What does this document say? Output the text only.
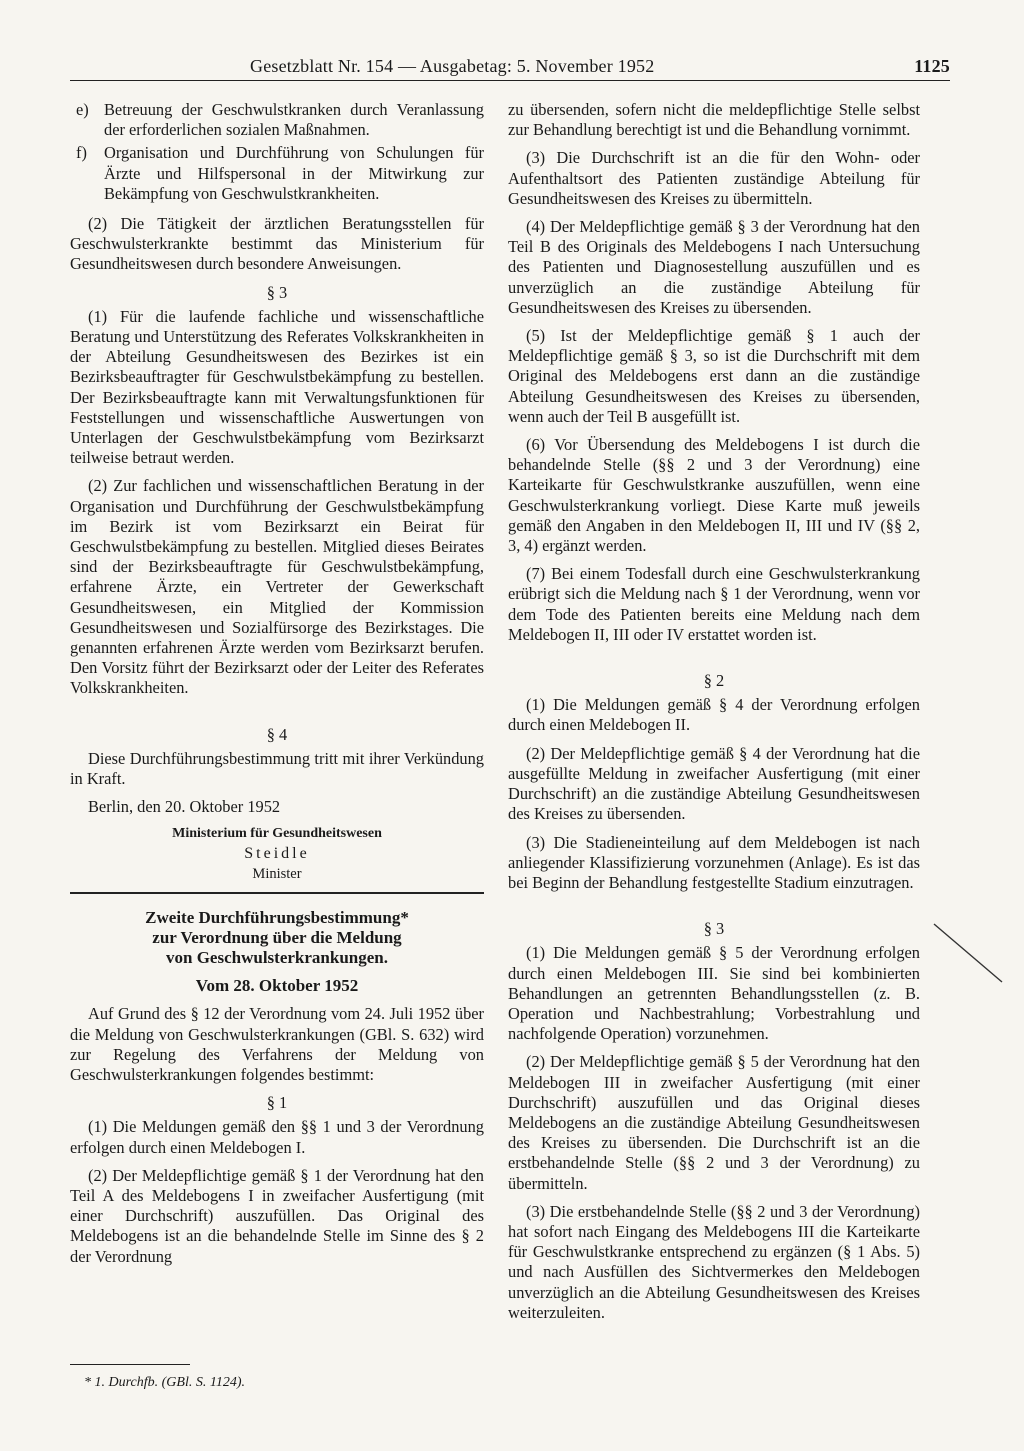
Gesetzblatt Nr. 154 — Ausgabetag: 5. November 1952	1125
e) Betreuung der Geschwulstkranken durch Veranlassung der erforderlichen sozialen Maßnahmen.
f)	Organisation und Durchführung von Schulungen für Ärzte und Hilfspersonal in der Mitwirkung zur Bekämpfung von Geschwulstkrankheiten.

(2) Die Tätigkeit der ärztlichen Beratungsstellen für Geschwulsterkrankte bestimmt das Ministerium für Gesundheitswesen durch besondere Anweisungen.

§ 3

(1) Für die laufende fachliche und wissenschaftliche Beratung und Unterstützung des Referates Volkskrankheiten in der Abteilung Gesundheitswesen des Bezirkes ist ein Bezirksbeauftragter für Geschwulstbekämpfung zu bestellen. Der Bezirksbeauftragte kann mit Verwaltungsfunktionen für Feststellungen und wissenschaftliche Auswertungen von Unterlagen der Geschwulstbekämpfung vom Bezirksarzt teilweise betraut werden.

(2) Zur fachlichen und wissenschaftlichen Beratung in der Organisation und Durchführung der Geschwulstbekämpfung im Bezirk ist vom Bezirksarzt ein Beirat für Geschwulstbekämpfung zu bestellen. Mitglied dieses Beirates sind der Bezirksbeauftragte für Geschwulstbekämpfung, erfahrene Ärzte, ein Vertreter der Gewerkschaft Gesundheitswesen, ein Mitglied der Kommission Gesundheitswesen und Sozialfürsorge des Bezirkstages. Die genannten erfahrenen Ärzte werden vom Bezirksarzt berufen. Den Vorsitz führt der Bezirksarzt oder der Leiter des Referates Volkskrankheiten.

§ 4

Diese Durchführungsbestimmung tritt mit ihrer Verkündung in Kraft.

Berlin, den 20. Oktober 1952

Ministerium für Gesundheitswesen
Steidle
Minister
Zweite Durchführungsbestimmung*
zur Verordnung über die Meldung
von Geschwulsterkrankungen.
Vom 28. Oktober 1952

Auf Grund des § 12 der Verordnung vom 24. Juli 1952 über die Meldung von Geschwulsterkrankungen (GBl. S. 632) wird zur Regelung des Verfahrens der Meldung von Geschwulsterkrankungen folgendes bestimmt:

§ 1

(1) Die Meldungen gemäß den §§ 1 und 3 der Verordnung erfolgen durch einen Meldebogen I.

(2) Der Meldepflichtige gemäß § 1 der Verordnung hat den Teil A des Meldebogens I in zweifacher Ausfertigung (mit einer Durchschrift) auszufüllen. Das Original des Meldebogens ist an die behandelnde Stelle im Sinne des § 2 der Verordnung

zu übersenden, sofern nicht die meldepflichtige Stelle selbst zur Behandlung berechtigt ist und die Behandlung vornimmt.

(3) Die Durchschrift ist an die für den Wohn- oder Aufenthaltsort des Patienten zuständige Abteilung für Gesundheitswesen des Kreises zu übermitteln.

(4) Der Meldepflichtige gemäß § 3 der Verordnung hat den Teil B des Originals des Meldebogens I nach Untersuchung des Patienten und Diagnosestellung auszufüllen und es unverzüglich an die zuständige Abteilung für Gesundheitswesen des Kreises zu übersenden.

(5) Ist der Meldepflichtige gemäß § 1 auch der Meldepflichtige gemäß § 3, so ist die Durchschrift mit dem Original des Meldebogens erst dann an die zuständige Abteilung Gesundheitswesen des Kreises zu übersenden, wenn auch der Teil B ausgefüllt ist.

(6) Vor Übersendung des Meldebogens I ist durch die behandelnde Stelle (§§ 2 und 3 der Verordnung) eine Karteikarte für Geschwulstkranke auszufüllen, wenn eine Geschwulsterkrankung vorliegt. Diese Karte muß jeweils gemäß den Angaben in den Meldebogen II, III und IV (§§ 2, 3, 4) ergänzt werden.

(7) Bei einem Todesfall durch eine Geschwulsterkrankung erübrigt sich die Meldung nach § 1 der Verordnung, wenn vor dem Tode des Patienten bereits eine Meldung nach dem Meldebogen II, III oder IV erstattet worden ist.

§ 2

(1) Die Meldungen gemäß § 4 der Verordnung erfolgen durch einen Meldebogen II.

(2) Der Meldepflichtige gemäß § 4 der Verordnung hat die ausgefüllte Meldung in zweifacher Ausfertigung (mit einer Durchschrift) an die zuständige Abteilung Gesundheitswesen des Kreises zu übersenden.

(3) Die Stadieneinteilung auf dem Meldebogen ist nach anliegender Klassifizierung vorzunehmen (Anlage). Es ist das bei Beginn der Behandlung festgestellte Stadium einzutragen.

§ 3

(1) Die Meldungen gemäß § 5 der Verordnung erfolgen durch einen Meldebogen III. Sie sind bei kombinierten Behandlungen an getrennten Behandlungsstellen (z. B. Operation und Nachbestrahlung; Vorbestrahlung und nachfolgende Operation) vorzunehmen.

(2) Der Meldepflichtige gemäß § 5 der Verordnung hat den Meldebogen III in zweifacher Ausfertigung (mit einer Durchschrift) auszufüllen und das Original dieses Meldebogens an die zuständige Abteilung Gesundheitswesen des Kreises zu übersenden. Die Durchschrift ist an die erstbehandelnde Stelle (§§ 2 und 3 der Verordnung) zu übermitteln.

(3) Die erstbehandelnde Stelle (§§ 2 und 3 der Verordnung) hat sofort nach Eingang des Meldebogens III die Karteikarte für Geschwulstkranke entsprechend zu ergänzen (§ 1 Abs. 5) und nach Ausfüllen des Sichtvermerkes den Meldebogen unverzüglich an die Abteilung Gesundheitswesen des Kreises weiterzuleiten.

* 1. Durchfb. (GBl. S. 1124).
